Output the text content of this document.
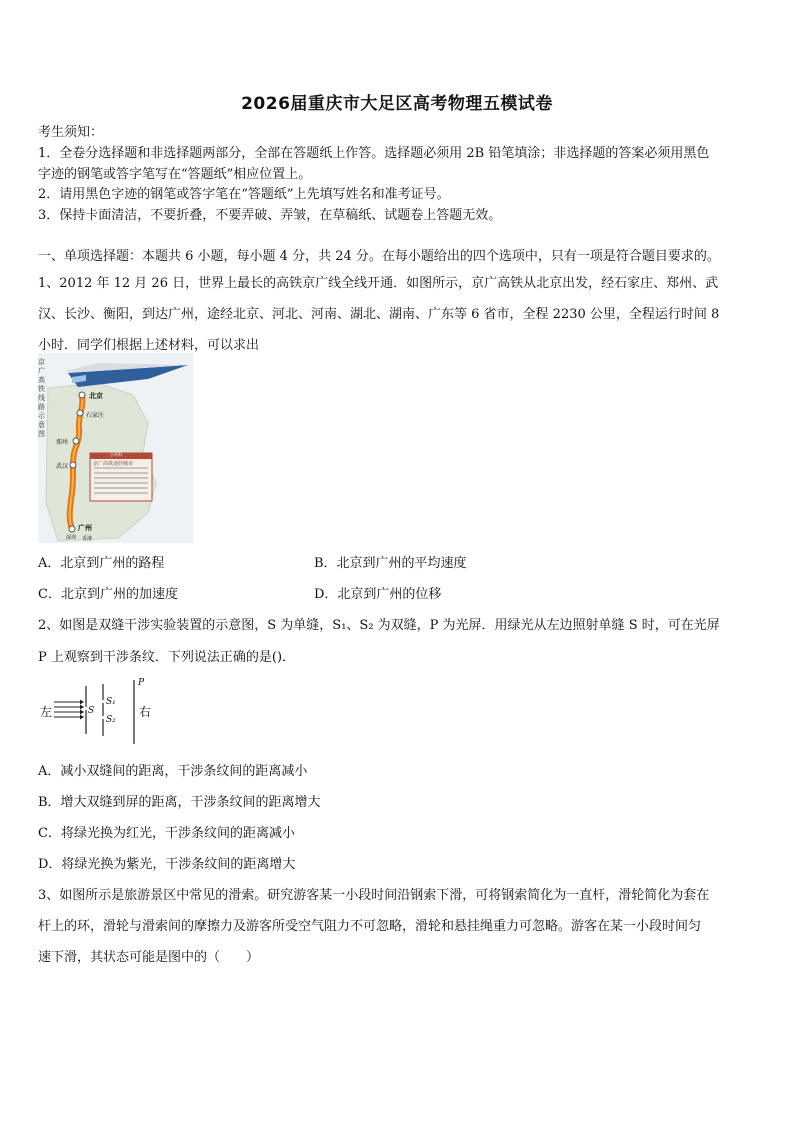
2026届重庆市大足区高考物理五模试卷
考生须知：
1．全卷分选择题和非选择题两部分，全部在答题纸上作答。选择题必须用 2B 铅笔填涂；非选择题的答案必须用黑色
字迹的钢笔或答字笔写在“答题纸”相应位置上。
2．请用黑色字迹的钢笔或答字笔在“答题纸”上先填写姓名和准考证号。
3．保持卡面清洁，不要折叠，不要弄破、弄皱，在草稿纸、试题卷上答题无效。
一、单项选择题：本题共 6 小题，每小题 4 分，共 24 分。在每小题给出的四个选项中，只有一项是符合题目要求的。
1、2012 年 12 月 26 日，世界上最长的高铁京广线全线开通．如图所示，京广高铁从北京出发，经石家庄、郑州、武
汉、长沙、衡阳，到达广州，途经北京、河北、河南、湖北、湖南、广东等 6 省市，全程 2230 公里，全程运行时间 8
小时．同学们根据上述材料，可以求出
京
广
高
铁
线
路
示
意
图
北京
石家庄
郑州
武汉
广州
深圳 香港
小资料
京广高铁途经城市
A．北京到广州的路程	B．北京到广州的平均速度
C．北京到广州的加速度	D．北京到广州的位移
2、如图是双缝干涉实验装置的示意图，S 为单缝，S₁、S₂ 为双缝，P 为光屏．用绿光从左边照射单缝 S 时，可在光屏
P 上观察到干涉条纹．下列说法正确的是()．
左	S
S₁
S₂
P
右
A．减小双缝间的距离，干涉条纹间的距离减小
B．增大双缝到屏的距离，干涉条纹间的距离增大
C．将绿光换为红光，干涉条纹间的距离减小
D．将绿光换为紫光，干涉条纹间的距离增大
3、如图所示是旅游景区中常见的滑索。研究游客某一小段时间沿钢索下滑，可将钢索简化为一直杆，滑轮简化为套在
杆上的环，滑轮与滑索间的摩擦力及游客所受空气阻力不可忽略，滑轮和悬挂绳重力可忽略。游客在某一小段时间匀
速下滑，其状态可能是图中的（　　）
